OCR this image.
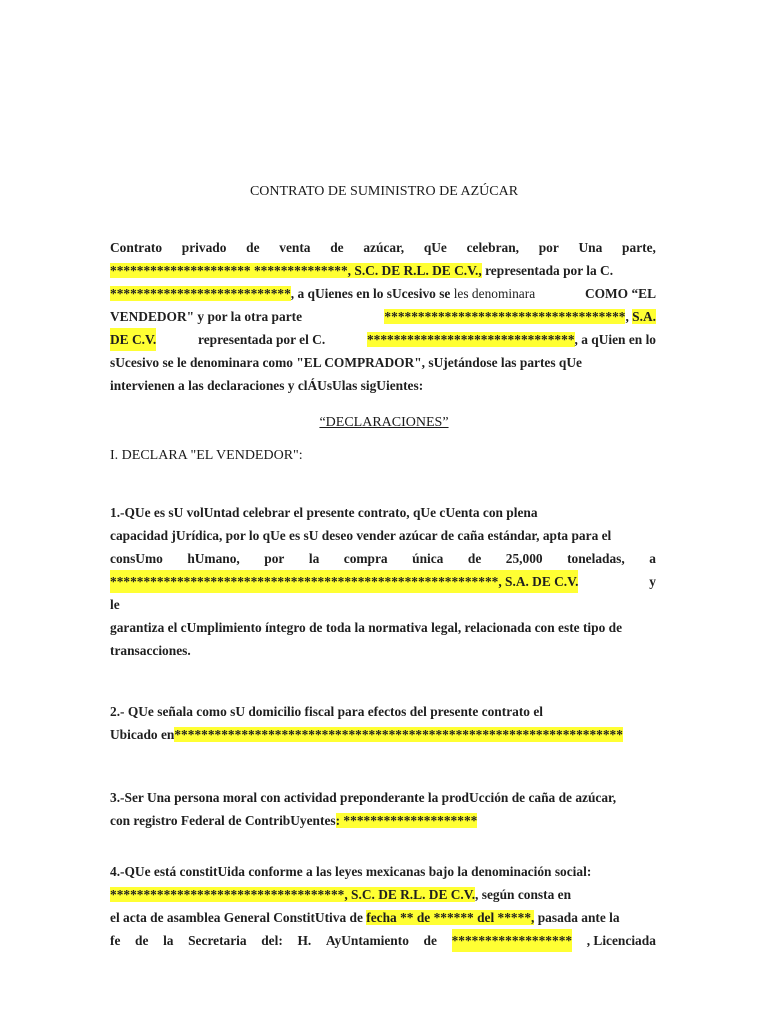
CONTRATO DE SUMINISTRO DE AZÚCAR
Contrato privado de venta de azúcar, qUe celebran, por Una parte,
********************* **************, S.C. DE R.L. DE C.V., representada por la C.
***************************, a qUienes en lo sUcesivo se les denominara	COMO “EL
VENDEDOR" y por la otra parte	************************************, S.A.
DE C.V.	representada por el C.	*******************************, a qUien en lo
sUcesivo se le denominara como "EL COMPRADOR", sUjetándose las partes qUe
intervienen a las declaraciones y clÁUsUlas sigUientes:
“DECLARACIONES”
I. DECLARA "EL VENDEDOR":
1.-QUe es sU volUntad celebrar el presente contrato, qUe cUenta con plena
capacidad jUrídica, por lo qUe es sU deseo vender azúcar de caña estándar, apta para el
consUmo hUmano, por la compra única de 25,000 toneladas, a
**********************************************************, S.A. DE C.V.	y
le
garantiza el cUmplimiento íntegro de toda la normativa legal, relacionada con este tipo de
transacciones.
2.- QUe señala como sU domicilio fiscal para efectos del presente contrato el
Ubicado en*******************************************************************
3.-Ser Una persona moral con actividad preponderante la prodUcción de caña de azúcar,
con registro Federal de ContribUyentes: ********************
4.-QUe está constitUida conforme a las leyes mexicanas bajo la denominación social:
***********************************, S.C. DE R.L. DE C.V., según consta en
el acta de asamblea General ConstitUtiva de fecha ** de ****** del *****, pasada ante la
fe de la Secretaria del: H. AyUntamiento de ****************** , Licenciada
